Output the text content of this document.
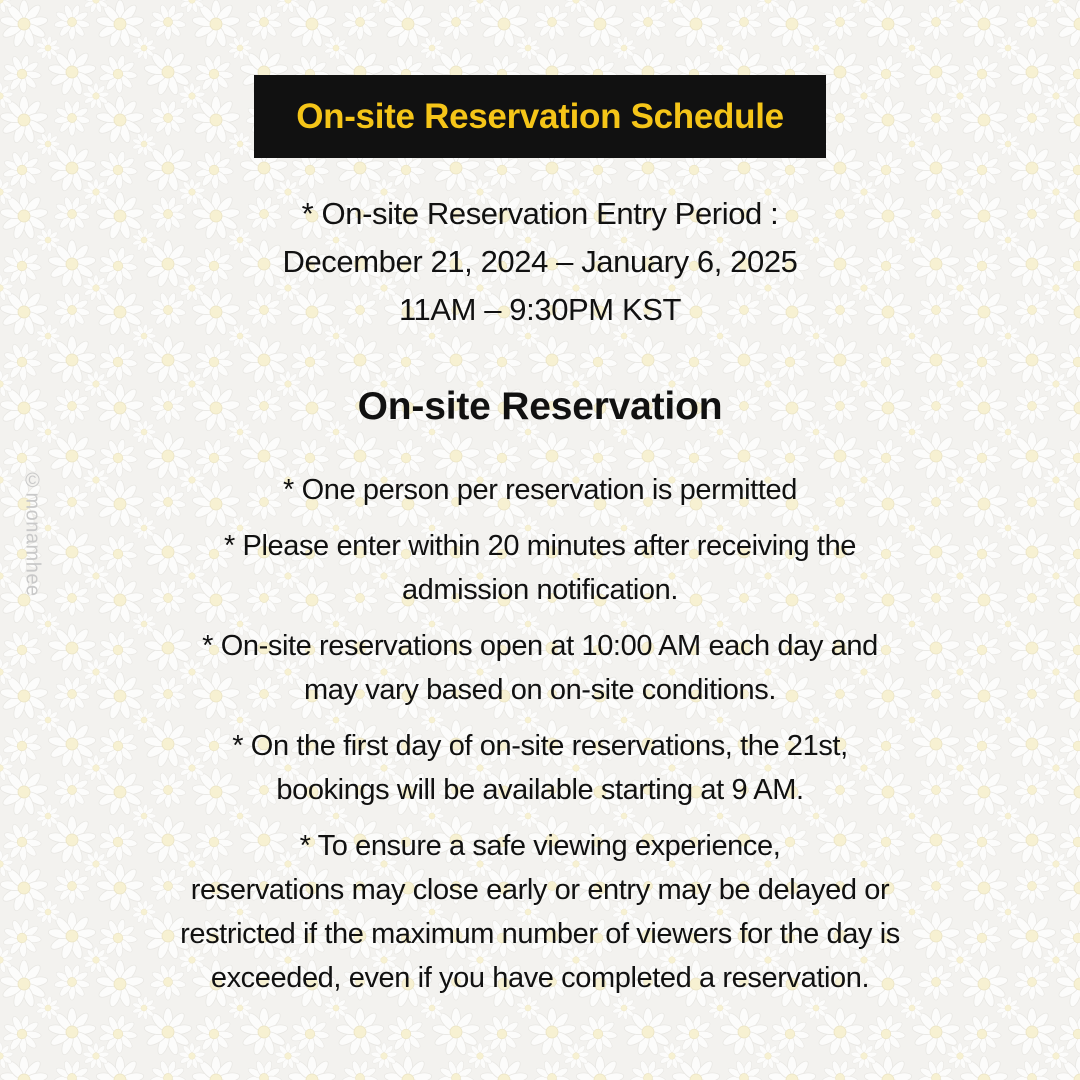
On-site Reservation Schedule
* On-site Reservation Entry Period :
December 21, 2024 – January 6, 2025
11AM – 9:30PM KST
On-site Reservation
* One person per reservation is permitted
* Please enter within 20 minutes after receiving the
admission notification.
* On-site reservations open at 10:00 AM each day and
may vary based on on-site conditions.
* On the first day of on-site reservations, the 21st,
bookings will be available starting at 9 AM.
* To ensure a safe viewing experience,
reservations may close early or entry may be delayed or
restricted if the maximum number of viewers for the day is
exceeded, even if you have completed a reservation.
©monamhee
